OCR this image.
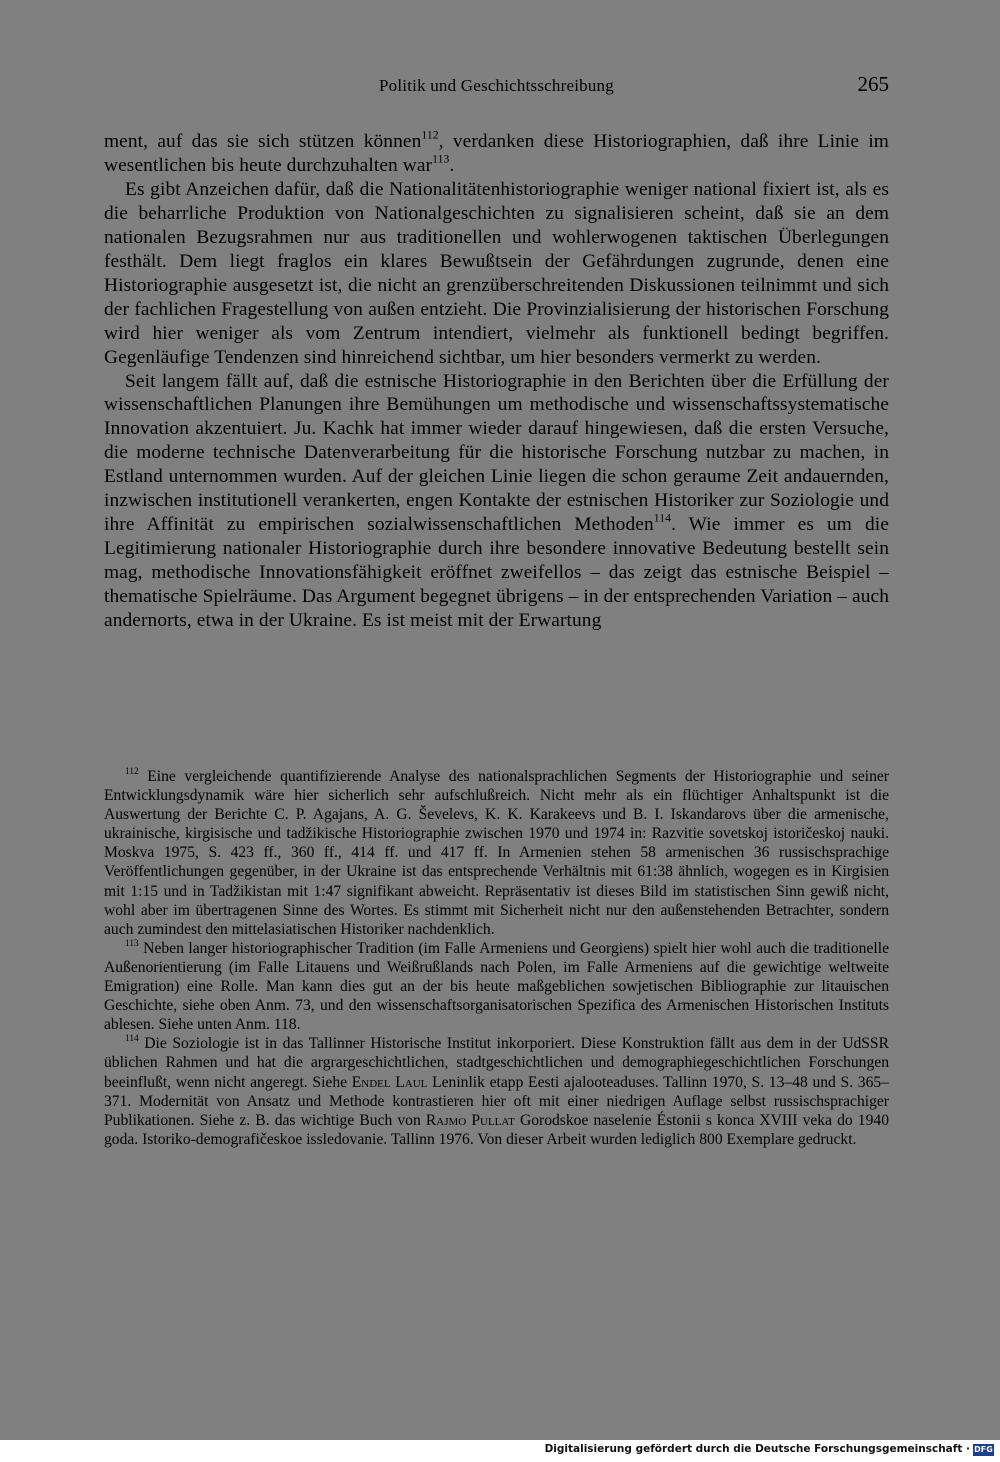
Politik und Geschichtsschreibung	265

ment, auf das sie sich stützen können$^{112}$, verdanken diese Historiographien, daß ihre Linie im wesentlichen bis heute durchzuhalten war$^{113}$.

Es gibt Anzeichen dafür, daß die Nationalitätenhistoriographie weniger national fixiert ist, als es die beharrliche Produktion von Nationalgeschichten zu signalisieren scheint, daß sie an dem nationalen Bezugsrahmen nur aus traditionellen und wohlerwogenen taktischen Überlegungen festhält. Dem liegt fraglos ein klares Bewußtsein der Gefährdungen zugrunde, denen eine Historiographie ausgesetzt ist, die nicht an grenzüberschreitenden Diskussionen teilnimmt und sich der fachlichen Fragestellung von außen entzieht. Die Provinzialisierung der historischen Forschung wird hier weniger als vom Zentrum intendiert, vielmehr als funktionell bedingt begriffen. Gegenläufige Tendenzen sind hinreichend sichtbar, um hier besonders vermerkt zu werden.

Seit langem fällt auf, daß die estnische Historiographie in den Berichten über die Erfüllung der wissenschaftlichen Planungen ihre Bemühungen um methodische und wissenschaftssystematische Innovation akzentuiert. Ju. Kachk hat immer wieder darauf hingewiesen, daß die ersten Versuche, die moderne technische Datenverarbeitung für die historische Forschung nutzbar zu machen, in Estland unternommen wurden. Auf der gleichen Linie liegen die schon geraume Zeit andauernden, inzwischen institutionell verankerten, engen Kontakte der estnischen Historiker zur Soziologie und ihre Affinität zu empirischen sozialwissenschaftlichen Methoden$^{114}$. Wie immer es um die Legitimierung nationaler Historiographie durch ihre besondere innovative Bedeutung bestellt sein mag, methodische Innovationsfähigkeit eröffnet zweifellos – das zeigt das estnische Beispiel – thematische Spielräume. Das Argument begegnet übrigens – in der entsprechenden Variation – auch andernorts, etwa in der Ukraine. Es ist meist mit der Erwartung

$^{112}$ Eine vergleichende quantifizierende Analyse des nationalsprachlichen Segments der Historiographie und seiner Entwicklungsdynamik wäre hier sicherlich sehr aufschlußreich. Nicht mehr als ein flüchtiger Anhaltspunkt ist die Auswertung der Berichte C. P. Agajans, A. G. Ševelevs, K. K. Karakeevs und B. I. Iskandarovs über die armenische, ukrainische, kirgisische und tadžikische Historiographie zwischen 1970 und 1974 in: Razvitie sovetskoj istoričeskoj nauki. Moskva 1975, S. 423 ff., 360 ff., 414 ff. und 417 ff. In Armenien stehen 58 armenischen 36 russischsprachige Veröffentlichungen gegenüber, in der Ukraine ist das entsprechende Verhältnis mit 61:38 ähnlich, wogegen es in Kirgisien mit 1:15 und in Tadžikistan mit 1:47 signifikant abweicht. Repräsentativ ist dieses Bild im statistischen Sinn gewiß nicht, wohl aber im übertragenen Sinne des Wortes. Es stimmt mit Sicherheit nicht nur den außenstehenden Betrachter, sondern auch zumindest den mittelasiatischen Historiker nachdenklich.

$^{113}$ Neben langer historiographischer Tradition (im Falle Armeniens und Georgiens) spielt hier wohl auch die traditionelle Außenorientierung (im Falle Litauens und Weißrußlands nach Polen, im Falle Armeniens auf die gewichtige weltweite Emigration) eine Rolle. Man kann dies gut an der bis heute maßgeblichen sowjetischen Bibliographie zur litauischen Geschichte, siehe oben Anm. 73, und den wissenschaftsorganisatorischen Spezifica des Armenischen Historischen Instituts ablesen. Siehe unten Anm. 118.

$^{114}$ Die Soziologie ist in das Tallinner Historische Institut inkorporiert. Diese Konstruktion fällt aus dem in der UdSSR üblichen Rahmen und hat die argrargeschichtlichen, stadtgeschichtlichen und demographiegeschichtlichen Forschungen beeinflußt, wenn nicht angeregt. Siehe Endel Laul Leninlik etapp Eesti ajalooteaduses. Tallinn 1970, S. 13–48 und S. 365–371. Modernität von Ansatz und Methode kontrastieren hier oft mit einer niedrigen Auflage selbst russischsprachiger Publikationen. Siehe z. B. das wichtige Buch von Rajmo Pullat Gorodskoe naselenie Éstonii s konca XVIII veka do 1940 goda. Istoriko-demografičeskoe issledovanie. Tallinn 1976. Von dieser Arbeit wurden lediglich 800 Exemplare gedruckt.

Digitalisierung gefördert durch die Deutsche Forschungsgemeinschaft · DFG
